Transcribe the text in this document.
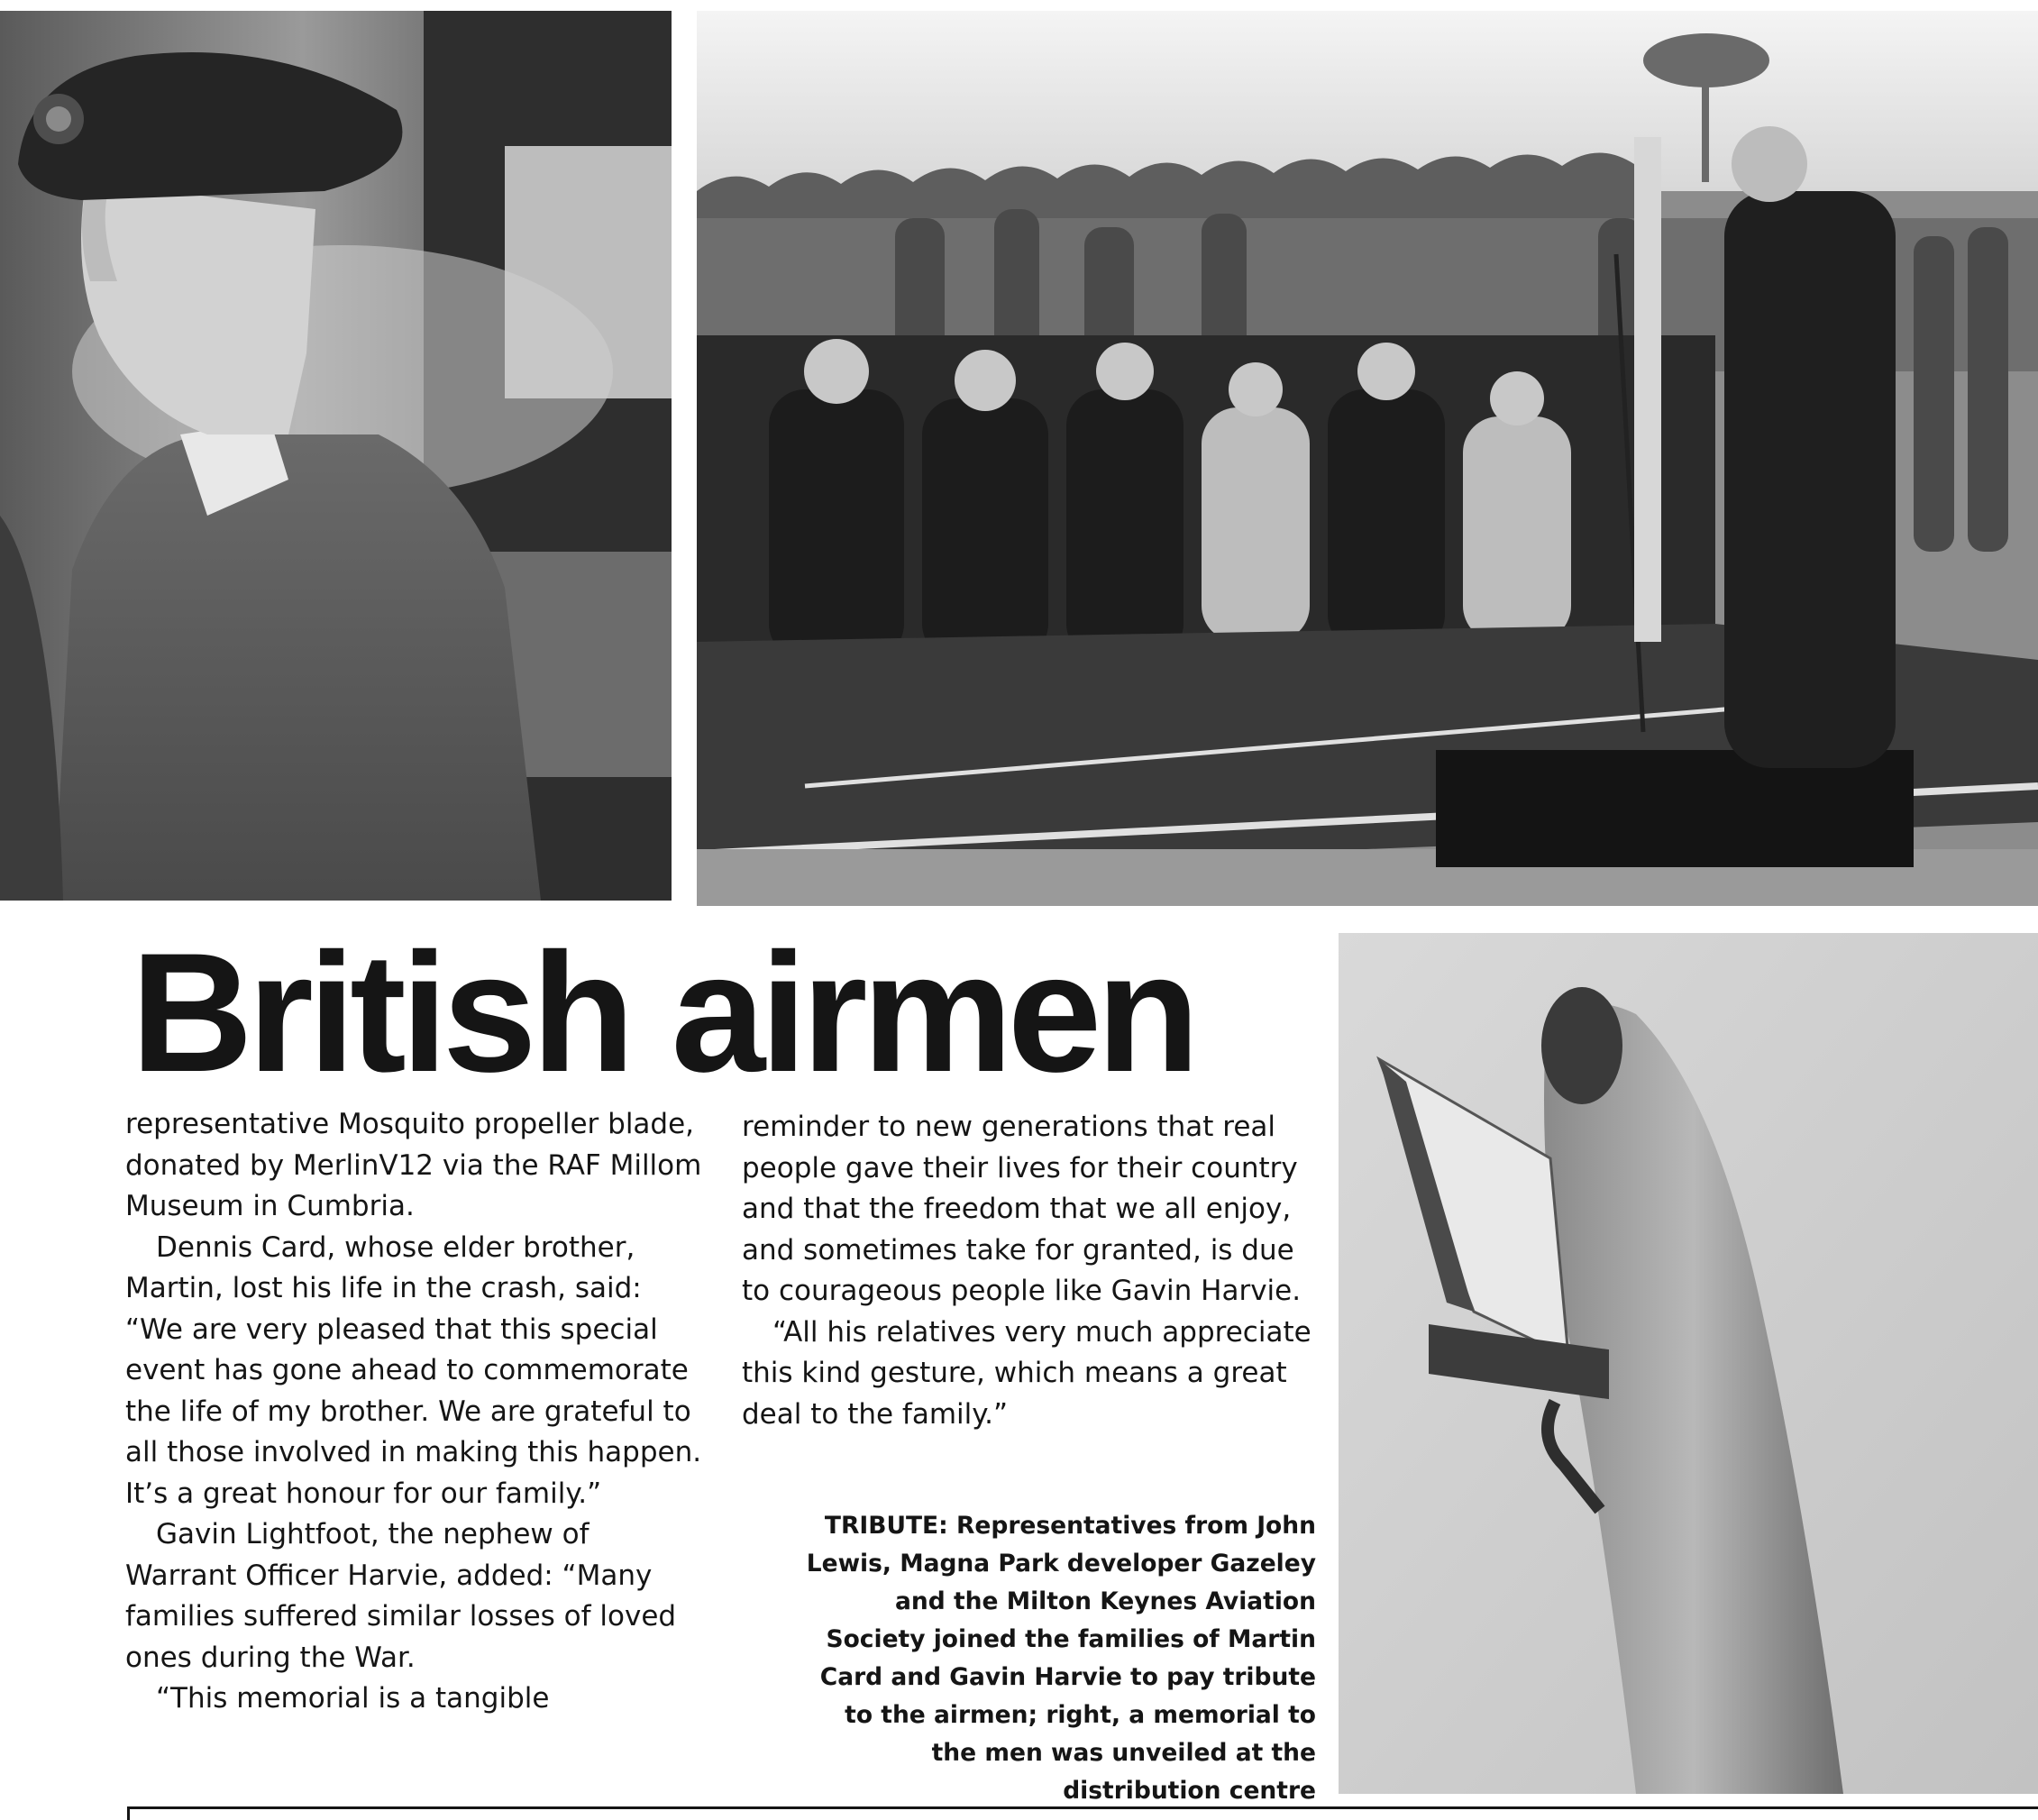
British airmen

representative Mosquito propeller blade, donated by MerlinV12 via the RAF Millom Museum in Cumbria.

Dennis Card, whose elder brother, Martin, lost his life in the crash, said: “We are very pleased that this special event has gone ahead to commemorate the life of my brother. We are grateful to all those involved in making this happen. It’s a great honour for our family.”

Gavin Lightfoot, the nephew of Warrant Officer Harvie, added: “Many families suffered similar losses of loved ones during the War.

“This memorial is a tangible

reminder to new generations that real people gave their lives for their country and that the freedom that we all enjoy, and sometimes take for granted, is due to courageous people like Gavin Harvie.

“All his relatives very much appreciate this kind gesture, which means a great deal to the family.”

TRIBUTE: Representatives from John Lewis, Magna Park developer Gazeley and the Milton Keynes Aviation Society joined the families of Martin Card and Gavin Harvie to pay tribute to the airmen; right, a memorial to the men was unveiled at the distribution centre
